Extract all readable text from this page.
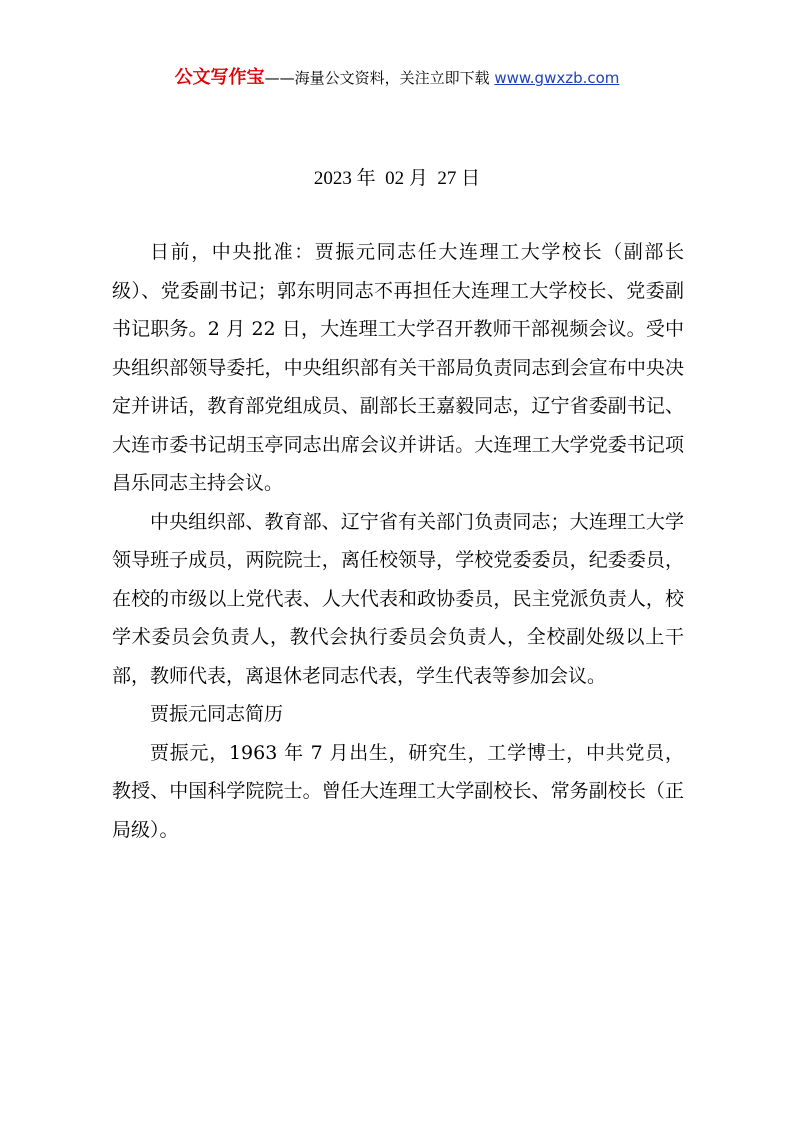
公文写作宝——海量公文资料，关注立即下载 www.gwxzb.com
2023 年  02 月  27 日

日前，中央批准：贾振元同志任大连理工大学校长（副部长级）、党委副书记；郭东明同志不再担任大连理工大学校长、党委副书记职务。2 月 22 日，大连理工大学召开教师干部视频会议。受中央组织部领导委托，中央组织部有关干部局负责同志到会宣布中央决定并讲话，教育部党组成员、副部长王嘉毅同志，辽宁省委副书记、大连市委书记胡玉亭同志出席会议并讲话。大连理工大学党委书记项昌乐同志主持会议。

中央组织部、教育部、辽宁省有关部门负责同志；大连理工大学领导班子成员，两院院士，离任校领导，学校党委委员，纪委委员，在校的市级以上党代表、人大代表和政协委员，民主党派负责人，校学术委员会负责人，教代会执行委员会负责人，全校副处级以上干部，教师代表，离退休老同志代表，学生代表等参加会议。

贾振元同志简历

贾振元，1963 年 7 月出生，研究生，工学博士，中共党员，教授、中国科学院院士。曾任大连理工大学副校长、常务副校长（正局级）。
